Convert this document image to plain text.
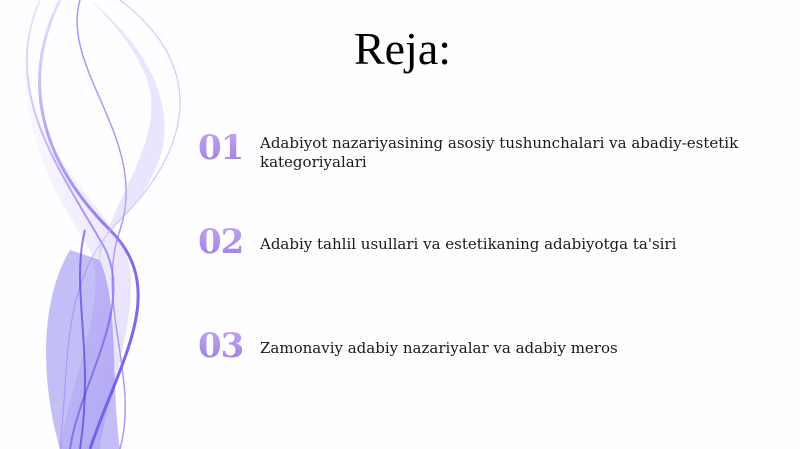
Reja:
01 Adabiyot nazariyasining asosiy tushunchalari va abadiy-estetik kategoriyalari
02 Adabiy tahlil usullari va estetikaning adabiyotga ta'siri
03 Zamonaviy adabiy nazariyalar va adabiy meros
